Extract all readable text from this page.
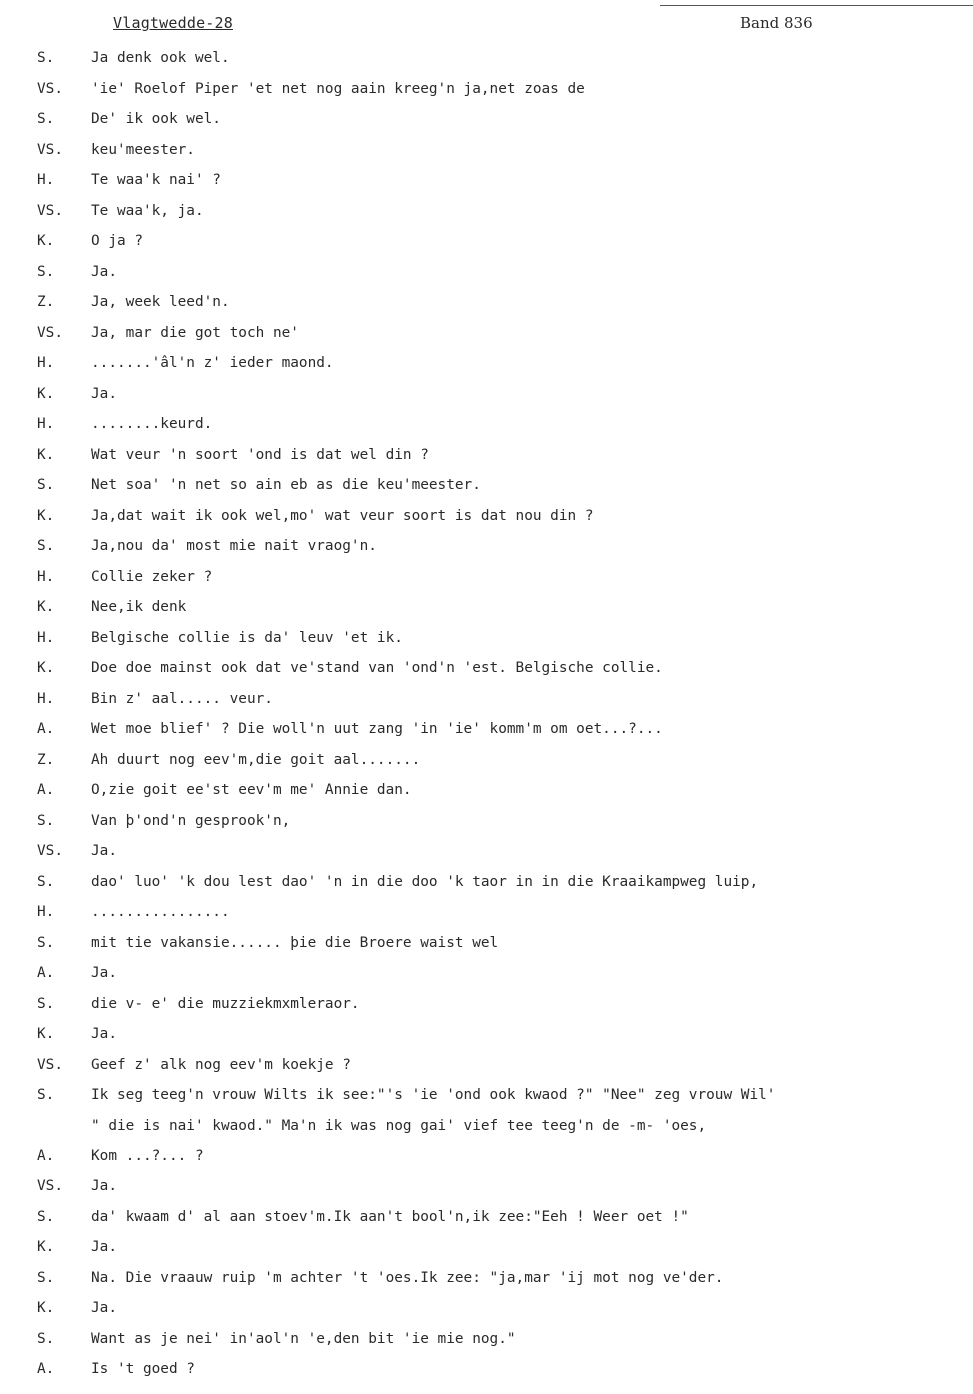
Vlagtwedde-28	Band 836
S.	Ja denk ook wel.
VS. 'ie' Roelof Piper 'et net nog aain kreeg'n ja,net zoas de
S.	De' ik ook wel.
VS. keu'meester.
H.	Te waa'k nai' ?
VS. Te waa'k, ja.
K.	O ja ?
S.	Ja.
Z.	Ja, week leed'n.
VS. Ja, mar die got toch ne'
H.	.......'âl'n z' ieder maond.
K.	Ja.
H.	........keurd.
K.	Wat veur 'n soort 'ond is dat wel din ?
S.	Net soa' 'n net so ain eb as die keu'meester.
K.	Ja,dat wait ik ook wel,mo' wat veur soort is dat nou din ?
S.	Ja,nou da' most mie nait vraog'n.
H.	Collie zeker ?
K.	Nee,ik denk
H.	Belgische collie is da' leuv 'et ik.
K.	Doe doe mainst ook dat ve'stand van 'ond'n 'est. Belgische collie.
H.	Bin z' aal..... veur.
A.	Wet moe blief' ? Die woll'n uut zang 'in 'ie' komm'm om oet...?...
Z.	Ah duurt nog eev'm,die goit aal.......
A.	O,zie goit ee'st eev'm me' Annie dan.
S.	Van þ'ond'n gesprook'n,
VS. Ja.
S.	dao' luo' 'k dou lest dao' 'n in die doo 'k taor in in die Kraaikampweg luip,
H.	................
S.	mit tie vakansie...... þie die Broere waist wel
A.	Ja.
S.	die v- e' die muzziekmxmleraor.
K.	Ja.
VS. Geef z' alk nog eev'm koekje ?
S.	Ik seg teeg'n vrouw Wilts ik see:"'s 'ie 'ond ook kwaod ?" "Nee" zeg vrouw Wil'
" die is nai' kwaod." Ma'n ik was nog gai' vief tee teeg'n de -m- 'oes,
A.	Kom ...?... ?
VS. Ja.
S.	da' kwaam d' al aan stoev'm.Ik aan't bool'n,ik zee:"Eeh ! Weer oet !"
K.	Ja.
S.	Na. Die vraauw ruip 'm achter 't 'oes.Ik zee: "ja,mar 'ij mot nog ve'der.
K.	Ja.
S.	Want as je nei' in'aol'n 'e,den bit 'ie mie nog."
A.	Is 't goed ?
